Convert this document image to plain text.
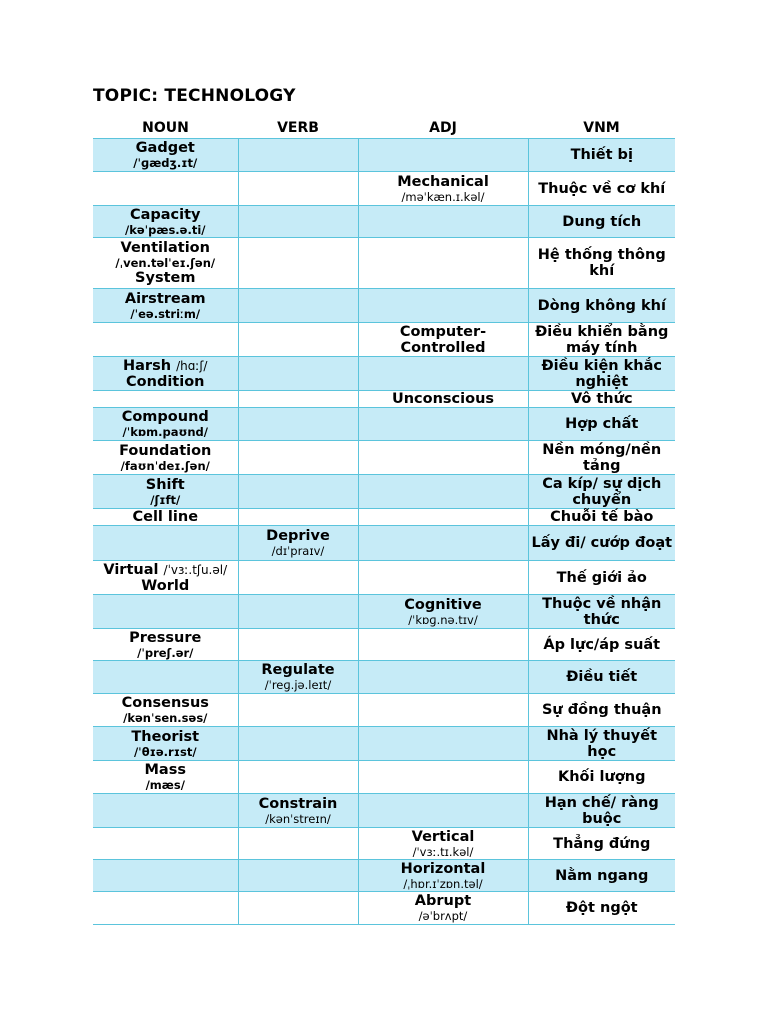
TOPIC: TECHNOLOGY
NOUN	VERB	ADJ	VNM

Gadget
/ˈɡædʒ.ɪt/			Thiết bị

		Mechanical
/məˈkæn.ɪ.kəl/	Thuộc về cơ khí

Capacity
/kəˈpæs.ə.ti/			Dung tích

Ventilation
/ˌven.təlˈeɪ.ʃən/
System			Hệ thống thông khí

Airstream
/ˈeə.striːm/			Dòng không khí

		Computer-Controlled	Điều khiển bằng máy tính

Harsh /hɑːʃ/
Condition			Điều kiện khắc nghiệt

		Unconscious	Vô thức

Compound
/ˈkɒm.paʊnd/			Hợp chất

Foundation
/faʊnˈdeɪ.ʃən/			Nền móng/nền tảng

Shift
/ʃɪft/			Ca kíp/ sự dịch chuyển

Cell line			Chuỗi tế bào

	Deprive
/dɪˈpraɪv/		Lấy đi/ cướp đoạt

Virtual /ˈvɜː.tʃu.əl/
World			Thế giới ảo

		Cognitive
/ˈkɒɡ.nə.tɪv/	Thuộc về nhận thức

Pressure
/ˈpreʃ.ər/			Áp lực/áp suất

	Regulate
/ˈreɡ.jə.leɪt/		Điều tiết

Consensus
/kənˈsen.səs/			Sự đồng thuận

Theorist
/ˈθɪə.rɪst/			Nhà lý thuyết học

Mass
/mæs/			Khối lượng

	Constrain
/kənˈstreɪn/		Hạn chế/ ràng buộc

		Vertical
/ˈvɜː.tɪ.kəl/	Thẳng đứng

		Horizontal
/ˌhɒr.ɪˈzɒn.təl/	Nằm ngang

		Abrupt
/əˈbrʌpt/	Đột ngột
